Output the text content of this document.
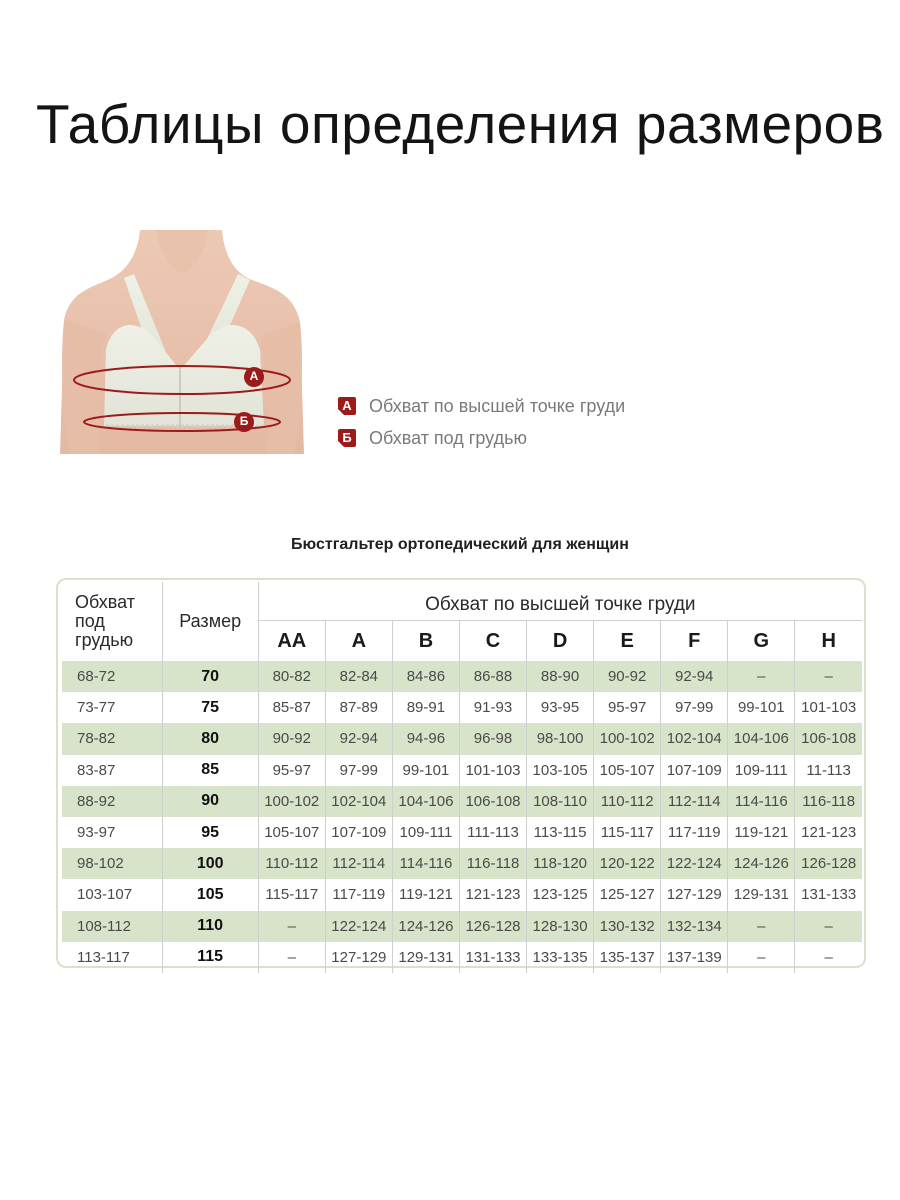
Таблицы определения размеров
A
Б
A Обхват по высшей точке груди
Б Обхват под грудью
Бюстгальтер ортопедический для женщин
Обхват под грудью	Размер	Обхват по высшей точке груди								
		AA	A	B	C	D	E	F	G	H
68-72	70	80-82	82-84	84-86	86-88	88-90	90-92	92-94	–	–
73-77	75	85-87	87-89	89-91	91-93	93-95	95-97	97-99	99-101	101-103
78-82	80	90-92	92-94	94-96	96-98	98-100	100-102	102-104	104-106	106-108
83-87	85	95-97	97-99	99-101	101-103	103-105	105-107	107-109	109-111	11-113
88-92	90	100-102	102-104	104-106	106-108	108-110	110-112	112-114	114-116	116-118
93-97	95	105-107	107-109	109-111	111-113	113-115	115-117	117-119	119-121	121-123
98-102	100	110-112	112-114	114-116	116-118	118-120	120-122	122-124	124-126	126-128
103-107	105	115-117	117-119	119-121	121-123	123-125	125-127	127-129	129-131	131-133
108-112	110	–	122-124	124-126	126-128	128-130	130-132	132-134	–	–
113-117	115	–	127-129	129-131	131-133	133-135	135-137	137-139	–	–
